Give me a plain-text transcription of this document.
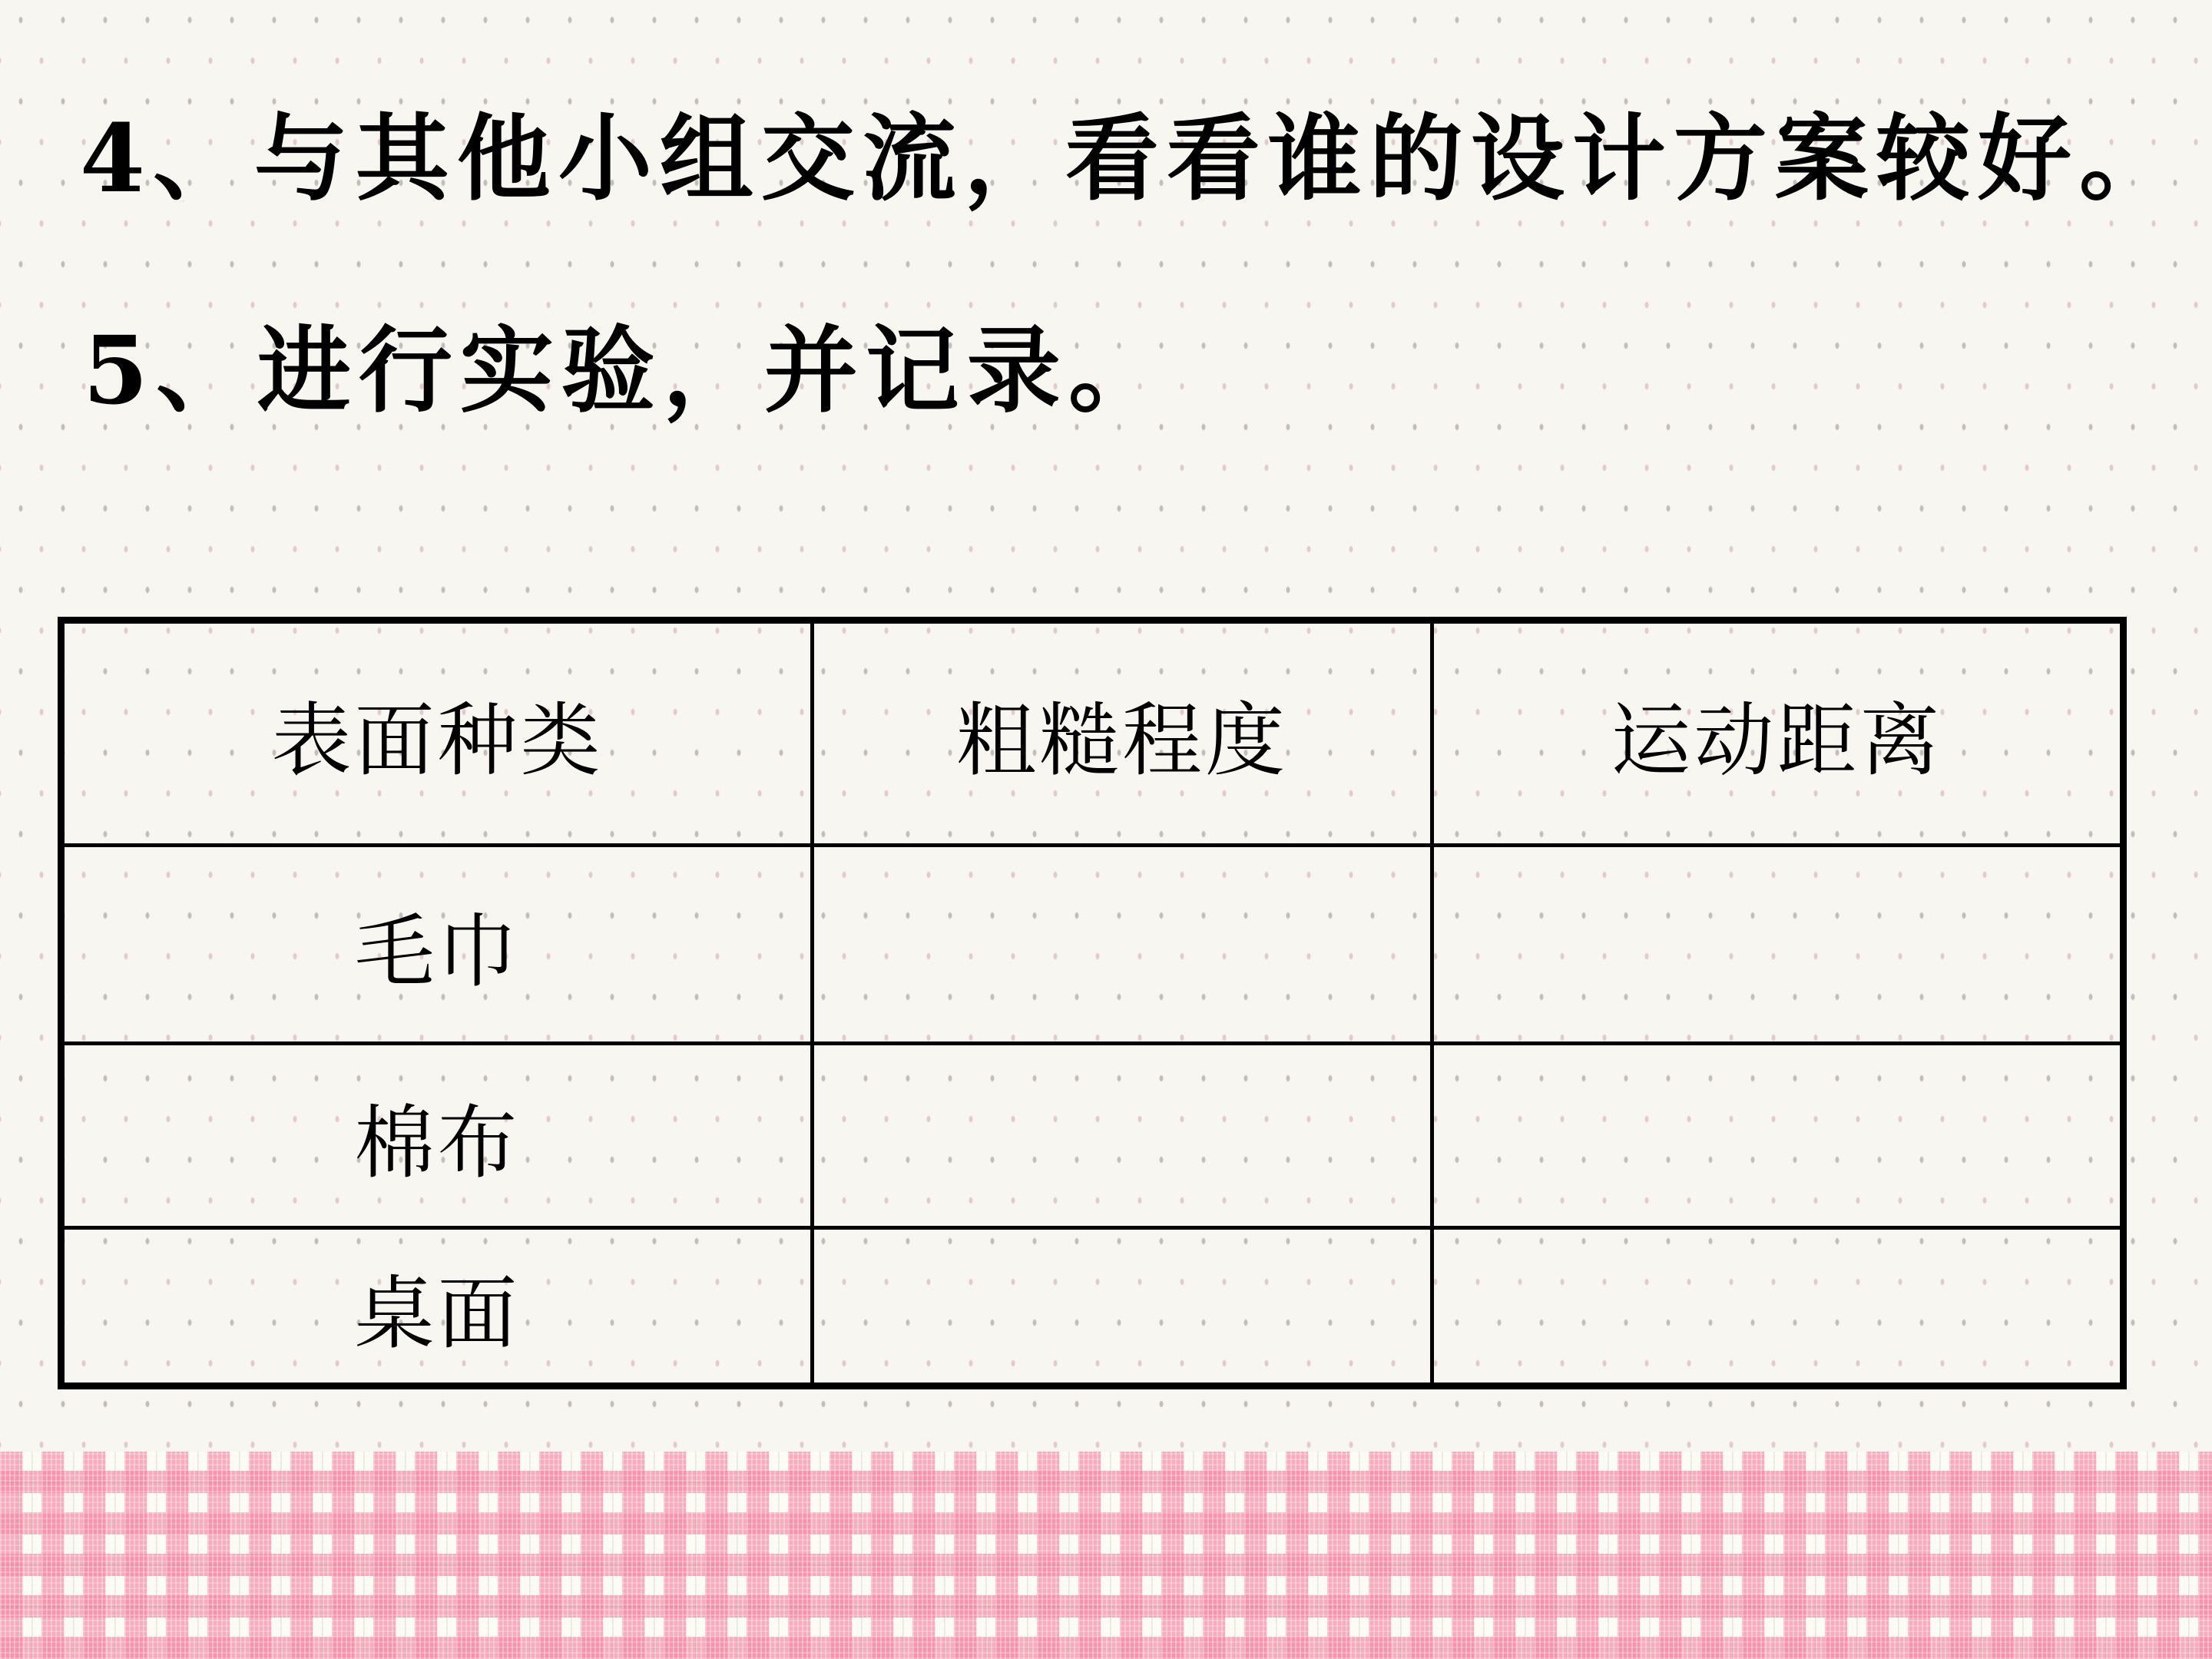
4、与其他小组交流，看看谁的设计方案较好。
5、进行实验，并记录。
表面种类	粗糙程度	运动距离
毛巾		
棉布		
桌面		
